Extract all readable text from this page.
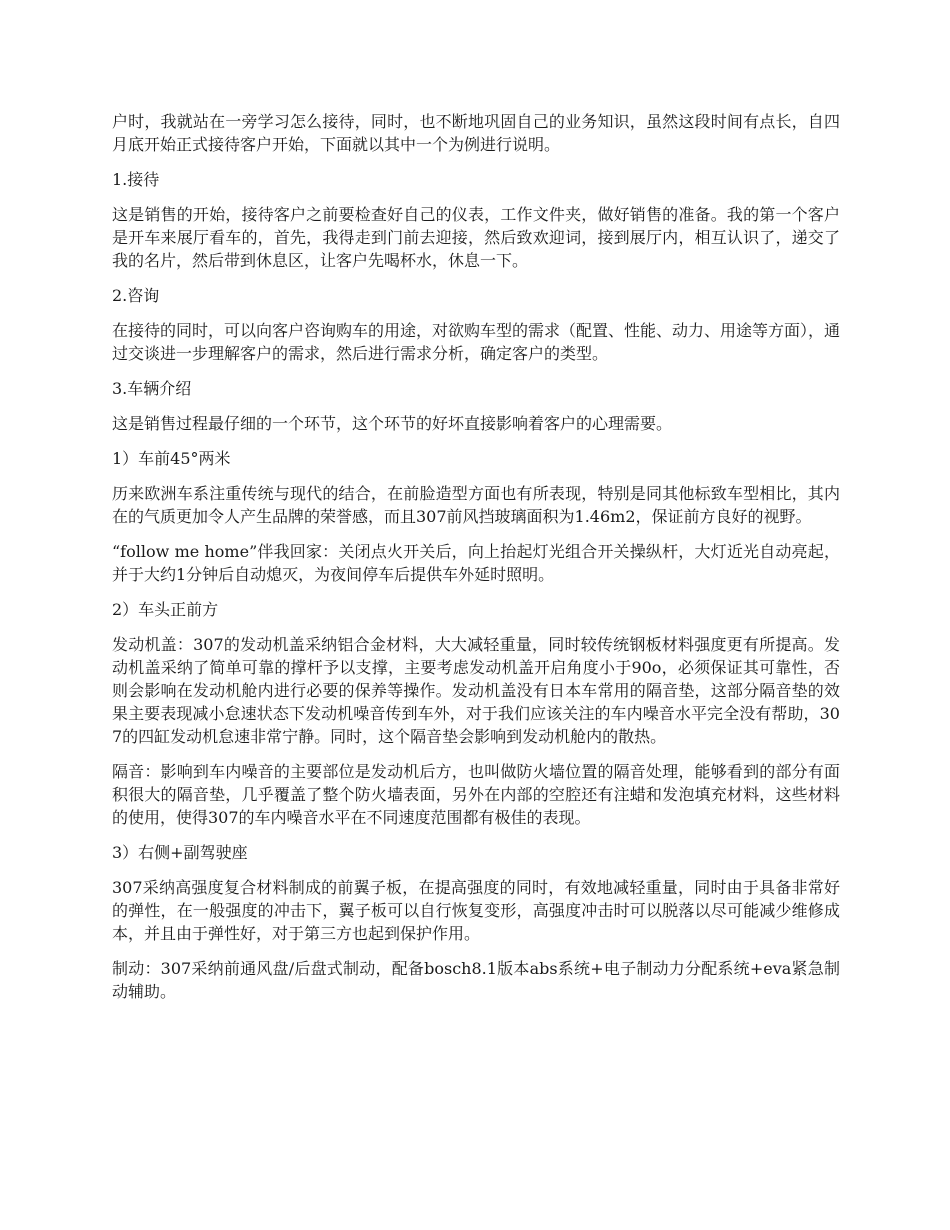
户时，我就站在一旁学习怎么接待，同时，也不断地巩固自己的业务知识，虽然这段时间有点长，自四月底开始正式接待客户开始，下面就以其中一个为例进行说明。

1.接待

这是销售的开始，接待客户之前要检查好自己的仪表，工作文件夹，做好销售的准备。我的第一个客户是开车来展厅看车的，首先，我得走到门前去迎接，然后致欢迎词，接到展厅内，相互认识了，递交了我的名片，然后带到休息区，让客户先喝杯水，休息一下。

2.咨询

在接待的同时，可以向客户咨询购车的用途，对欲购车型的需求（配置、性能、动力、用途等方面），通过交谈进一步理解客户的需求，然后进行需求分析，确定客户的类型。

3.车辆介绍

这是销售过程最仔细的一个环节，这个环节的好坏直接影响着客户的心理需要。

1）车前45°两米

历来欧洲车系注重传统与现代的结合，在前脸造型方面也有所表现，特别是同其他标致车型相比，其内在的气质更加令人产生品牌的荣誉感，而且307前风挡玻璃面积为1.46m2，保证前方良好的视野。

“follow me home”伴我回家：关闭点火开关后，向上抬起灯光组合开关操纵杆，大灯近光自动亮起，并于大约1分钟后自动熄灭，为夜间停车后提供车外延时照明。

2）车头正前方

发动机盖：307的发动机盖采纳铝合金材料，大大减轻重量，同时较传统钢板材料强度更有所提高。发动机盖采纳了简单可靠的撑杆予以支撑，主要考虑发动机盖开启角度小于90o，必须保证其可靠性，否则会影响在发动机舱内进行必要的保养等操作。发动机盖没有日本车常用的隔音垫，这部分隔音垫的效果主要表现减小怠速状态下发动机噪音传到车外，对于我们应该关注的车内噪音水平完全没有帮助，307的四缸发动机怠速非常宁静。同时，这个隔音垫会影响到发动机舱内的散热。

隔音：影响到车内噪音的主要部位是发动机后方，也叫做防火墙位置的隔音处理，能够看到的部分有面积很大的隔音垫，几乎覆盖了整个防火墙表面，另外在内部的空腔还有注蜡和发泡填充材料，这些材料的使用，使得307的车内噪音水平在不同速度范围都有极佳的表现。

3）右侧+副驾驶座

307采纳高强度复合材料制成的前翼子板，在提高强度的同时，有效地减轻重量，同时由于具备非常好的弹性，在一般强度的冲击下，翼子板可以自行恢复变形，高强度冲击时可以脱落以尽可能减少维修成本，并且由于弹性好，对于第三方也起到保护作用。

制动：307采纳前通风盘/后盘式制动，配备bosch8.1版本abs系统+电子制动力分配系统+eva紧急制动辅助。
